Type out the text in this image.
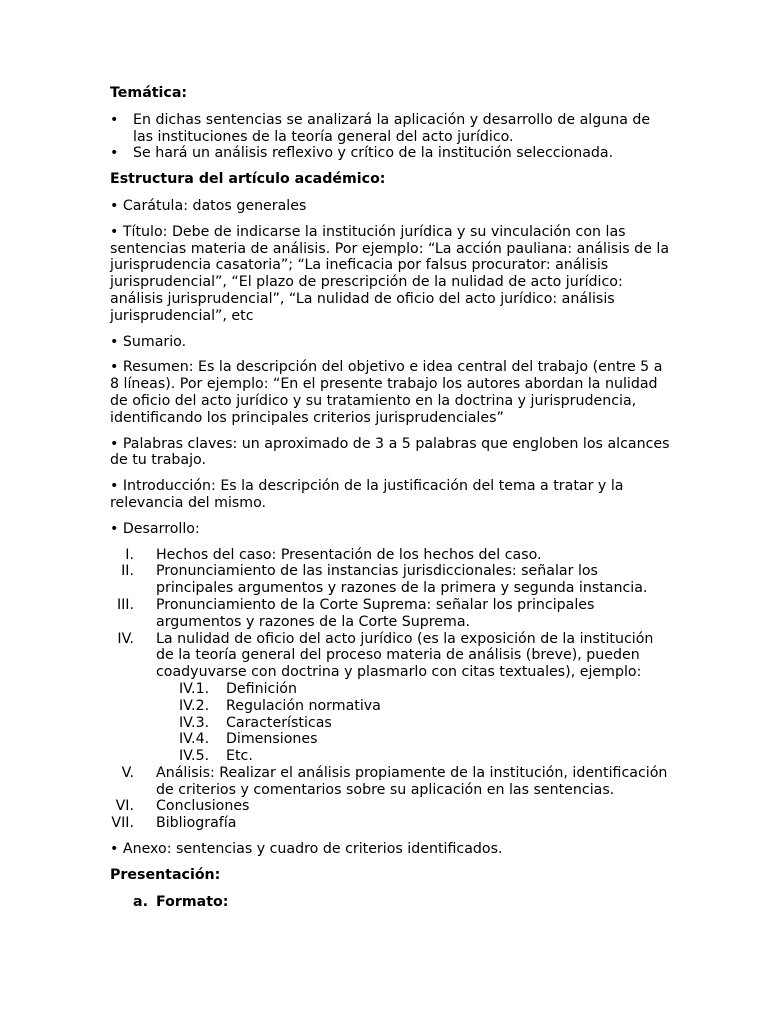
Temática:
• En dichas sentencias se analizará la aplicación y desarrollo de alguna de las instituciones de la teoría general del acto jurídico.
• Se hará un análisis reflexivo y crítico de la institución seleccionada.
Estructura del artículo académico:
• Carátula: datos generales
• Título: Debe de indicarse la institución jurídica y su vinculación con las sentencias materia de análisis. Por ejemplo: “La acción pauliana: análisis de la jurisprudencia casatoria”; “La ineficacia por falsus procurator: análisis jurisprudencial”, “El plazo de prescripción de la nulidad de acto jurídico: análisis jurisprudencial”, “La nulidad de oficio del acto jurídico: análisis jurisprudencial”, etc
• Sumario.
• Resumen: Es la descripción del objetivo e idea central del trabajo (entre 5 a 8 líneas). Por ejemplo: “En el presente trabajo los autores abordan la nulidad de oficio del acto jurídico y su tratamiento en la doctrina y jurisprudencia, identificando los principales criterios jurisprudenciales”
• Palabras claves: un aproximado de 3 a 5 palabras que engloben los alcances de tu trabajo.
• Introducción: Es la descripción de la justificación del tema a tratar y la relevancia del mismo.
• Desarrollo:
I. Hechos del caso: Presentación de los hechos del caso.
II. Pronunciamiento de las instancias jurisdiccionales: señalar los principales argumentos y razones de la primera y segunda instancia.
III. Pronunciamiento de la Corte Suprema: señalar los principales argumentos y razones de la Corte Suprema.
IV. La nulidad de oficio del acto jurídico (es la exposición de la institución de la teoría general del proceso materia de análisis (breve), pueden coadyuvarse con doctrina y plasmarlo con citas textuales), ejemplo:
IV.1. Definición
IV.2. Regulación normativa
IV.3. Características
IV.4. Dimensiones
IV.5. Etc.
V. Análisis: Realizar el análisis propiamente de la institución, identificación de criterios y comentarios sobre su aplicación en las sentencias.
VI. Conclusiones
VII. Bibliografía
• Anexo: sentencias y cuadro de criterios identificados.
Presentación:
a. Formato:
